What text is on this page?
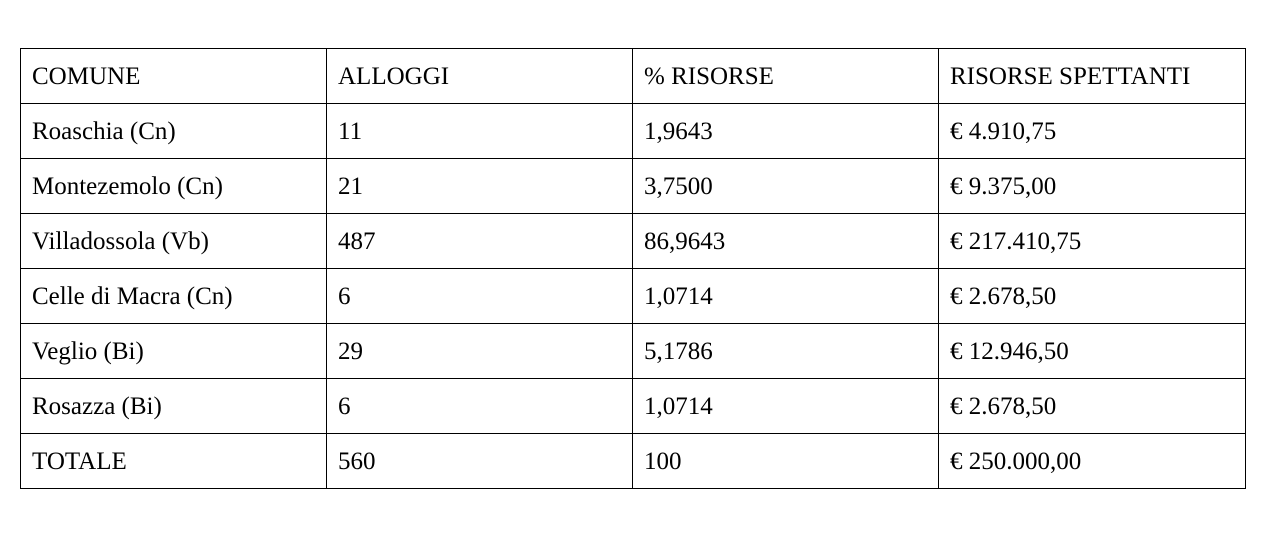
COMUNE	ALLOGGI	% RISORSE	RISORSE SPETTANTI
Roaschia (Cn)	11	1,9643	€ 4.910,75
Montezemolo (Cn)	21	3,7500	€ 9.375,00
Villadossola (Vb)	487	86,9643	€ 217.410,75
Celle di Macra (Cn)	6	1,0714	€ 2.678,50
Veglio (Bi)	29	5,1786	€ 12.946,50
Rosazza (Bi)	6	1,0714	€ 2.678,50
TOTALE	560	100	€ 250.000,00
